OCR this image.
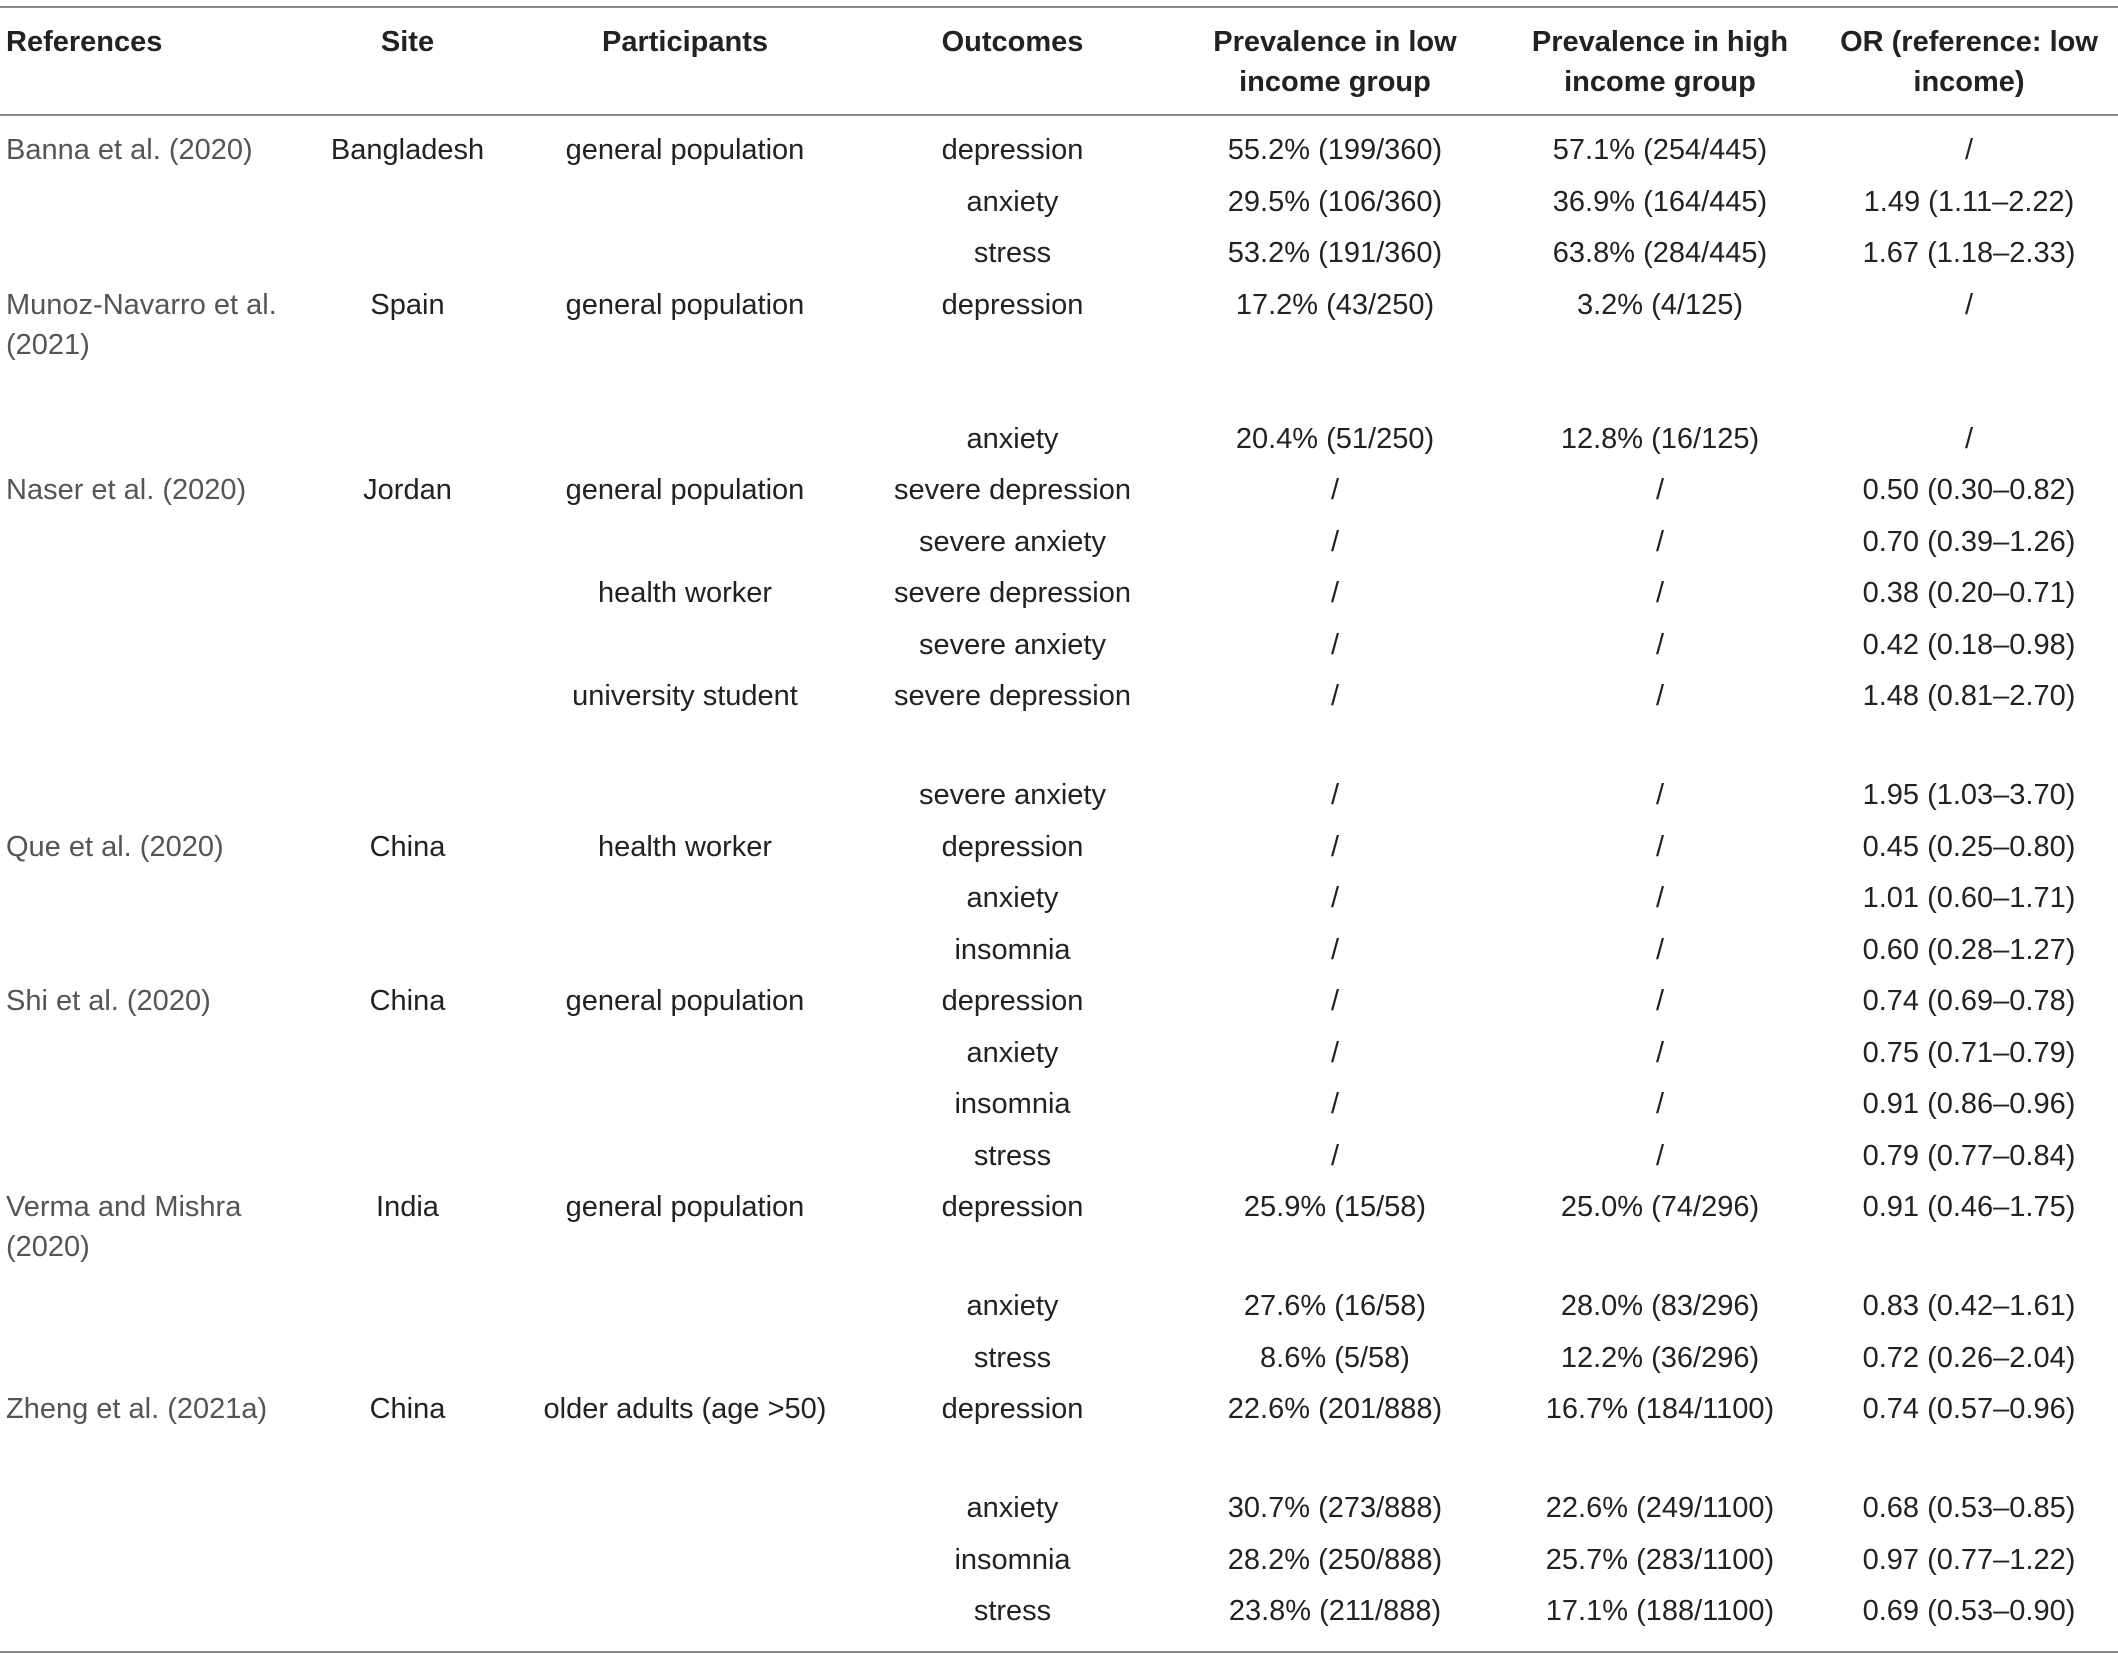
References	Site	Participants	Outcomes	Prevalence in low income group	Prevalence in high income group	OR (reference: low income)
Banna et al. (2020)	Bangladesh	general population	depression	55.2% (199/360)	57.1% (254/445)	/
			anxiety	29.5% (106/360)	36.9% (164/445)	1.49 (1.11–2.22)
			stress	53.2% (191/360)	63.8% (284/445)	1.67 (1.18–2.33)
Munoz-Navarro et al. (2021)	Spain	general population	depression	17.2% (43/250)	3.2% (4/125)	/
			anxiety	20.4% (51/250)	12.8% (16/125)	/
Naser et al. (2020)	Jordan	general population	severe depression	/	/	0.50 (0.30–0.82)
			severe anxiety	/	/	0.70 (0.39–1.26)
		health worker	severe depression	/	/	0.38 (0.20–0.71)
			severe anxiety	/	/	0.42 (0.18–0.98)
		university student	severe depression	/	/	1.48 (0.81–2.70)
			severe anxiety	/	/	1.95 (1.03–3.70)
Que et al. (2020)	China	health worker	depression	/	/	0.45 (0.25–0.80)
			anxiety	/	/	1.01 (0.60–1.71)
			insomnia	/	/	0.60 (0.28–1.27)
Shi et al. (2020)	China	general population	depression	/	/	0.74 (0.69–0.78)
			anxiety	/	/	0.75 (0.71–0.79)
			insomnia	/	/	0.91 (0.86–0.96)
			stress	/	/	0.79 (0.77–0.84)
Verma and Mishra (2020)	India	general population	depression	25.9% (15/58)	25.0% (74/296)	0.91 (0.46–1.75)
			anxiety	27.6% (16/58)	28.0% (83/296)	0.83 (0.42–1.61)
			stress	8.6% (5/58)	12.2% (36/296)	0.72 (0.26–2.04)
Zheng et al. (2021a)	China	older adults (age >50)	depression	22.6% (201/888)	16.7% (184/1100)	0.74 (0.57–0.96)
			anxiety	30.7% (273/888)	22.6% (249/1100)	0.68 (0.53–0.85)
			insomnia	28.2% (250/888)	25.7% (283/1100)	0.97 (0.77–1.22)
			stress	23.8% (211/888)	17.1% (188/1100)	0.69 (0.53–0.90)
